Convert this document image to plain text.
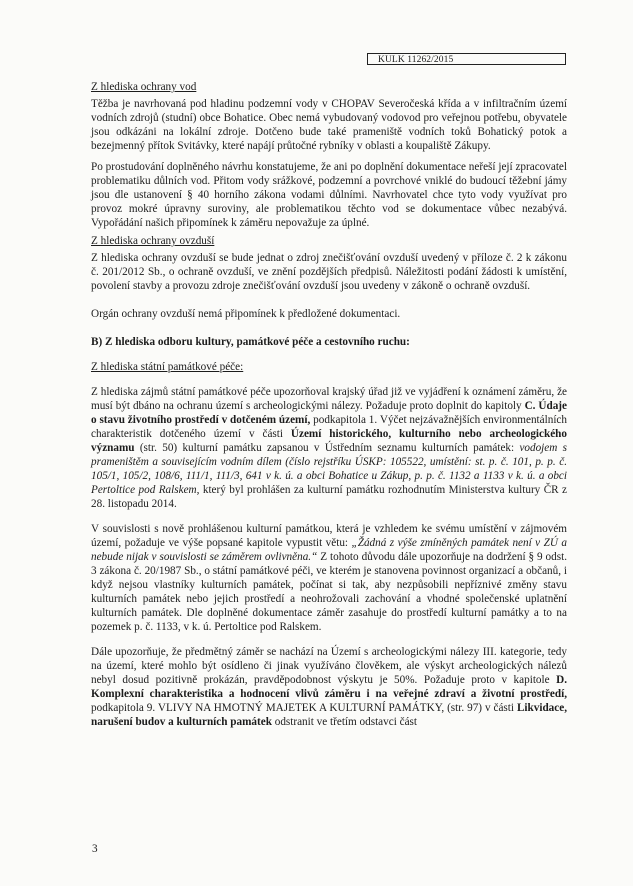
KULK 11262/2015

Z hlediska ochrany vod

Těžba je navrhovaná pod hladinu podzemní vody v CHOPAV Severočeská křída a v infiltračním území vodních zdrojů (studní) obce Bohatice. Obec nemá vybudovaný vodovod pro veřejnou potřebu, obyvatele jsou odkázáni na lokální zdroje. Dotčeno bude také prameniště vodních toků Bohatický potok a bezejmenný přítok Svitávky, které napájí průtočné rybníky v oblasti a koupaliště Zákupy.

Po prostudování doplněného návrhu konstatujeme, že ani po doplnění dokumentace neřeší její zpracovatel problematiku důlních vod. Přitom vody srážkové, podzemní a povrchové vniklé do budoucí těžební jámy jsou dle ustanovení § 40 horního zákona vodami důlními. Navrhovatel chce tyto vody využívat pro provoz mokré úpravny suroviny, ale problematikou těchto vod se dokumentace vůbec nezabývá. Vypořádání našich připomínek k záměru nepovažuje za úplné.

Z hlediska ochrany ovzduší

Z hlediska ochrany ovzduší se bude jednat o zdroj znečišťování ovzduší uvedený v příloze č. 2 k zákonu č. 201/2012 Sb., o ochraně ovzduší, ve znění pozdějších předpisů. Náležitosti podání žádosti k umístění, povolení stavby a provozu zdroje znečišťování ovzduší jsou uvedeny v zákoně o ochraně ovzduší.

Orgán ochrany ovzduší nemá připomínek k předložené dokumentaci.

B) Z hlediska odboru kultury, památkové péče a cestovního ruchu:

Z hlediska státní památkové péče:

Z hlediska zájmů státní památkové péče upozorňoval krajský úřad již ve vyjádření k oznámení záměru, že musí být dbáno na ochranu území s archeologickými nálezy. Požaduje proto doplnit do kapitoly C. Údaje o stavu životního prostředí v dotčeném území, podkapitola 1. Výčet nejzávažnějších environmentálních charakteristik dotčeného území v části Území historického, kulturního nebo archeologického významu (str. 50) kulturní památku zapsanou v Ústředním seznamu kulturních památek: vodojem s prameništěm a souvisejícím vodním dílem (číslo rejstříku ÚSKP: 105522, umístění: st. p. č. 101, p. p. č. 105/1, 105/2, 108/6, 111/1, 111/3, 641 v k. ú. a obci Bohatice u Zákup, p. p. č. 1132 a 1133 v k. ú. a obci Pertoltice pod Ralskem, který byl prohlášen za kulturní památku rozhodnutím Ministerstva kultury ČR z 28. listopadu 2014.

V souvislosti s nově prohlášenou kulturní památkou, která je vzhledem ke svému umístění v zájmovém území, požaduje ve výše popsané kapitole vypustit větu: „Žádná z výše zmíněných památek není v ZÚ a nebude nijak v souvislosti se záměrem ovlivněna.“ Z tohoto důvodu dále upozorňuje na dodržení § 9 odst. 3 zákona č. 20/1987 Sb., o státní památkové péči, ve kterém je stanovena povinnost organizací a občanů, i když nejsou vlastníky kulturních památek, počínat si tak, aby nezpůsobili nepříznivé změny stavu kulturních památek nebo jejich prostředí a neohrožovali zachování a vhodné společenské uplatnění kulturních památek. Dle doplněné dokumentace záměr zasahuje do prostředí kulturní památky a to na pozemek p. č. 1133, v k. ú. Pertoltice pod Ralskem.

Dále upozorňuje, že předmětný záměr se nachází na Území s archeologickými nálezy III. kategorie, tedy na území, které mohlo být osídleno či jinak využíváno člověkem, ale výskyt archeologických nálezů nebyl dosud pozitivně prokázán, pravděpodobnost výskytu je 50%. Požaduje proto v kapitole D. Komplexní charakteristika a hodnocení vlivů záměru i na veřejné zdraví a životní prostředí, podkapitola 9. VLIVY NA HMOTNÝ MAJETEK A KULTURNÍ PAMÁTKY, (str. 97) v části Likvidace, narušení budov a kulturních památek odstranit ve třetím odstavci část

3
